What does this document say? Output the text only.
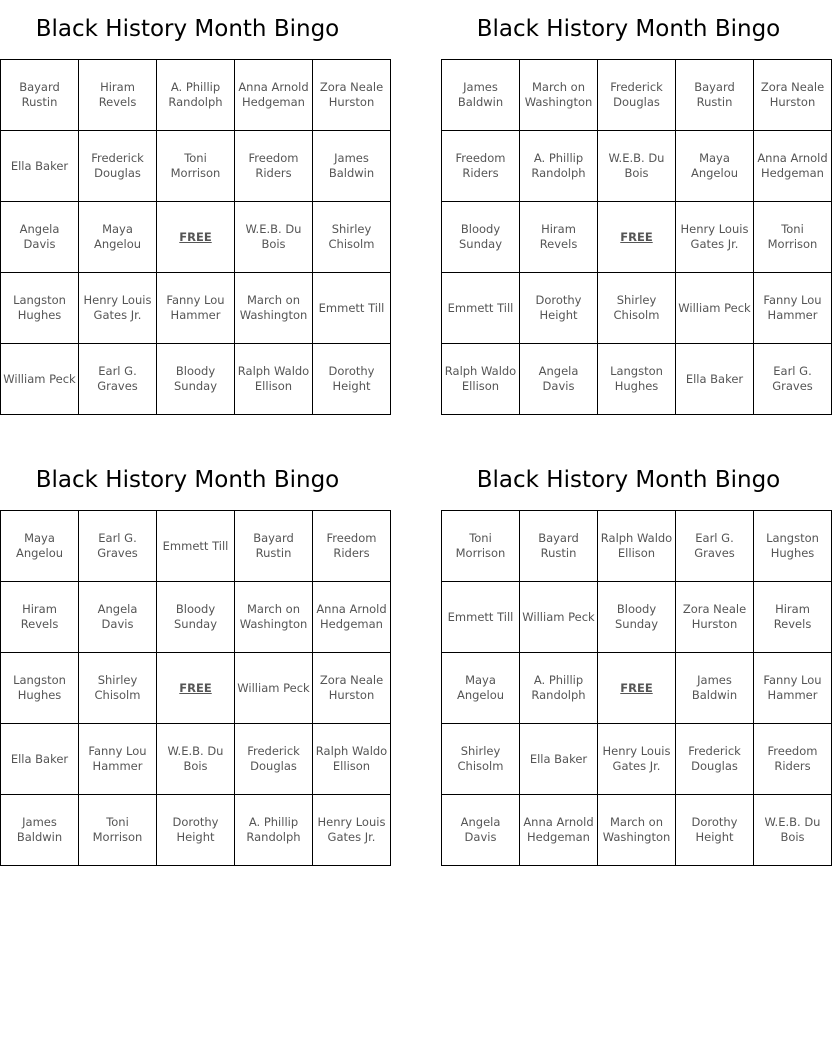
Black History Month Bingo
Bayard Rustin	Hiram Revels	A. Phillip Randolph	Anna Arnold Hedgeman	Zora Neale Hurston
Ella Baker	Frederick Douglas	Toni Morrison	Freedom Riders	James Baldwin
Angela Davis	Maya Angelou	FREE	W.E.B. Du Bois	Shirley Chisolm
Langston Hughes	Henry Louis Gates Jr.	Fanny Lou Hammer	March on Washington	Emmett Till
William Peck	Earl G. Graves	Bloody Sunday	Ralph Waldo Ellison	Dorothy Height
Black History Month Bingo
James Baldwin	March on Washington	Frederick Douglas	Bayard Rustin	Zora Neale Hurston
Freedom Riders	A. Phillip Randolph	W.E.B. Du Bois	Maya Angelou	Anna Arnold Hedgeman
Bloody Sunday	Hiram Revels	FREE	Henry Louis Gates Jr.	Toni Morrison
Emmett Till	Dorothy Height	Shirley Chisolm	William Peck	Fanny Lou Hammer
Ralph Waldo Ellison	Angela Davis	Langston Hughes	Ella Baker	Earl G. Graves
Black History Month Bingo
Maya Angelou	Earl G. Graves	Emmett Till	Bayard Rustin	Freedom Riders
Hiram Revels	Angela Davis	Bloody Sunday	March on Washington	Anna Arnold Hedgeman
Langston Hughes	Shirley Chisolm	FREE	William Peck	Zora Neale Hurston
Ella Baker	Fanny Lou Hammer	W.E.B. Du Bois	Frederick Douglas	Ralph Waldo Ellison
James Baldwin	Toni Morrison	Dorothy Height	A. Phillip Randolph	Henry Louis Gates Jr.
Black History Month Bingo
Toni Morrison	Bayard Rustin	Ralph Waldo Ellison	Earl G. Graves	Langston Hughes
Emmett Till	William Peck	Bloody Sunday	Zora Neale Hurston	Hiram Revels
Maya Angelou	A. Phillip Randolph	FREE	James Baldwin	Fanny Lou Hammer
Shirley Chisolm	Ella Baker	Henry Louis Gates Jr.	Frederick Douglas	Freedom Riders
Angela Davis	Anna Arnold Hedgeman	March on Washington	Dorothy Height	W.E.B. Du Bois
